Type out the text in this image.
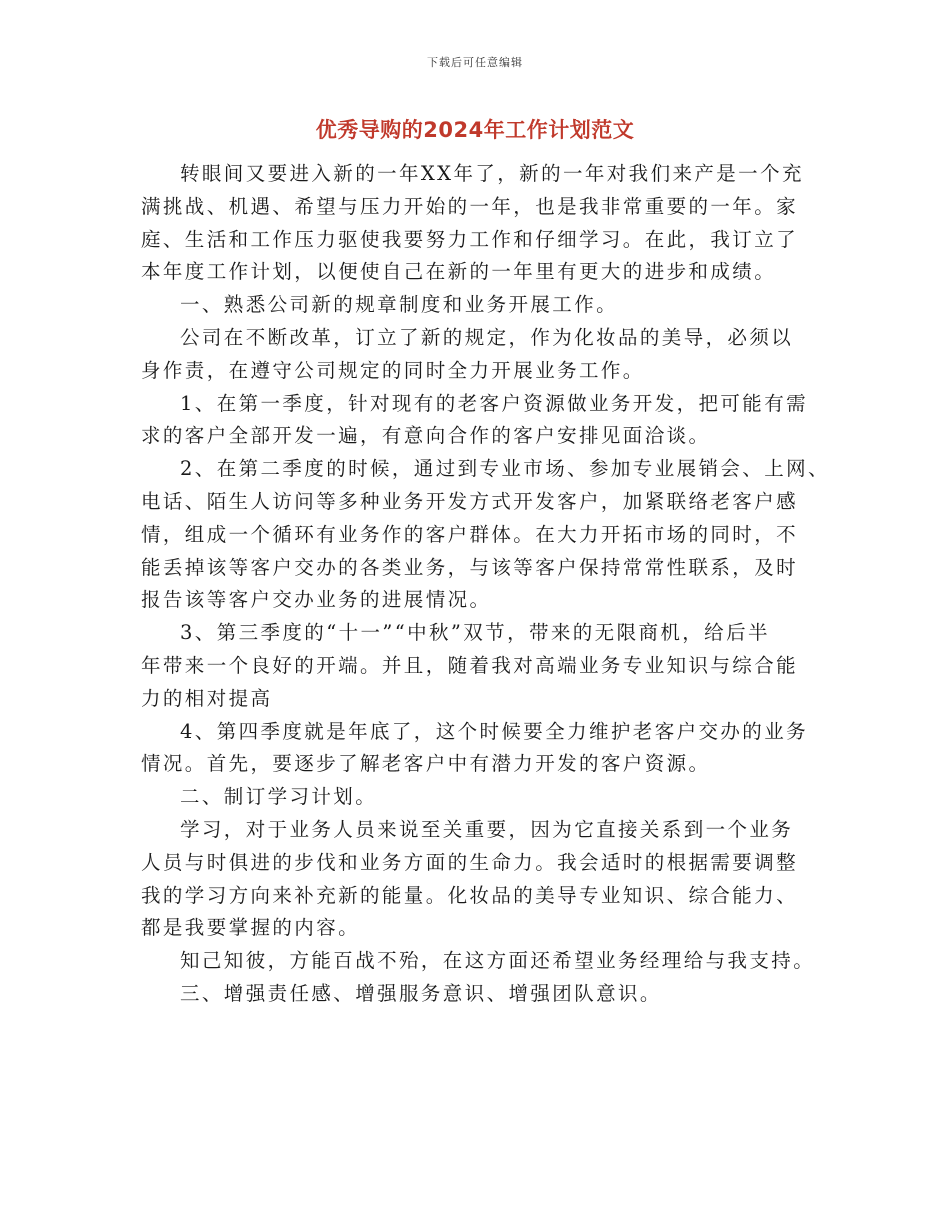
下载后可任意编辑
优秀导购的2024年工作计划范文

转眼间又要进入新的一年XX年了，新的一年对我们来产是一个充
满挑战、机遇、希望与压力开始的一年，也是我非常重要的一年。家
庭、生活和工作压力驱使我要努力工作和仔细学习。在此，我订立了
本年度工作计划，以便使自己在新的一年里有更大的进步和成绩。

一、熟悉公司新的规章制度和业务开展工作。

公司在不断改革，订立了新的规定，作为化妆品的美导，必须以
身作责，在遵守公司规定的同时全力开展业务工作。

1、在第一季度，针对现有的老客户资源做业务开发，把可能有需
求的客户全部开发一遍，有意向合作的客户安排见面洽谈。

2、在第二季度的时候，通过到专业市场、参加专业展销会、上网、
电话、陌生人访问等多种业务开发方式开发客户，加紧联络老客户感
情，组成一个循环有业务作的客户群体。在大力开拓市场的同时，不
能丢掉该等客户交办的各类业务，与该等客户保持常常性联系，及时
报告该等客户交办业务的进展情况。

3、第三季度的“十一”“中秋”双节，带来的无限商机，给后半
年带来一个良好的开端。并且，随着我对高端业务专业知识与综合能
力的相对提高

4、第四季度就是年底了，这个时候要全力维护老客户交办的业务
情况。首先，要逐步了解老客户中有潜力开发的客户资源。

二、制订学习计划。

学习，对于业务人员来说至关重要，因为它直接关系到一个业务
人员与时俱进的步伐和业务方面的生命力。我会适时的根据需要调整
我的学习方向来补充新的能量。化妆品的美导专业知识、综合能力、
都是我要掌握的内容。

知己知彼，方能百战不殆，在这方面还希望业务经理给与我支持。

三、增强责任感、增强服务意识、增强团队意识。
